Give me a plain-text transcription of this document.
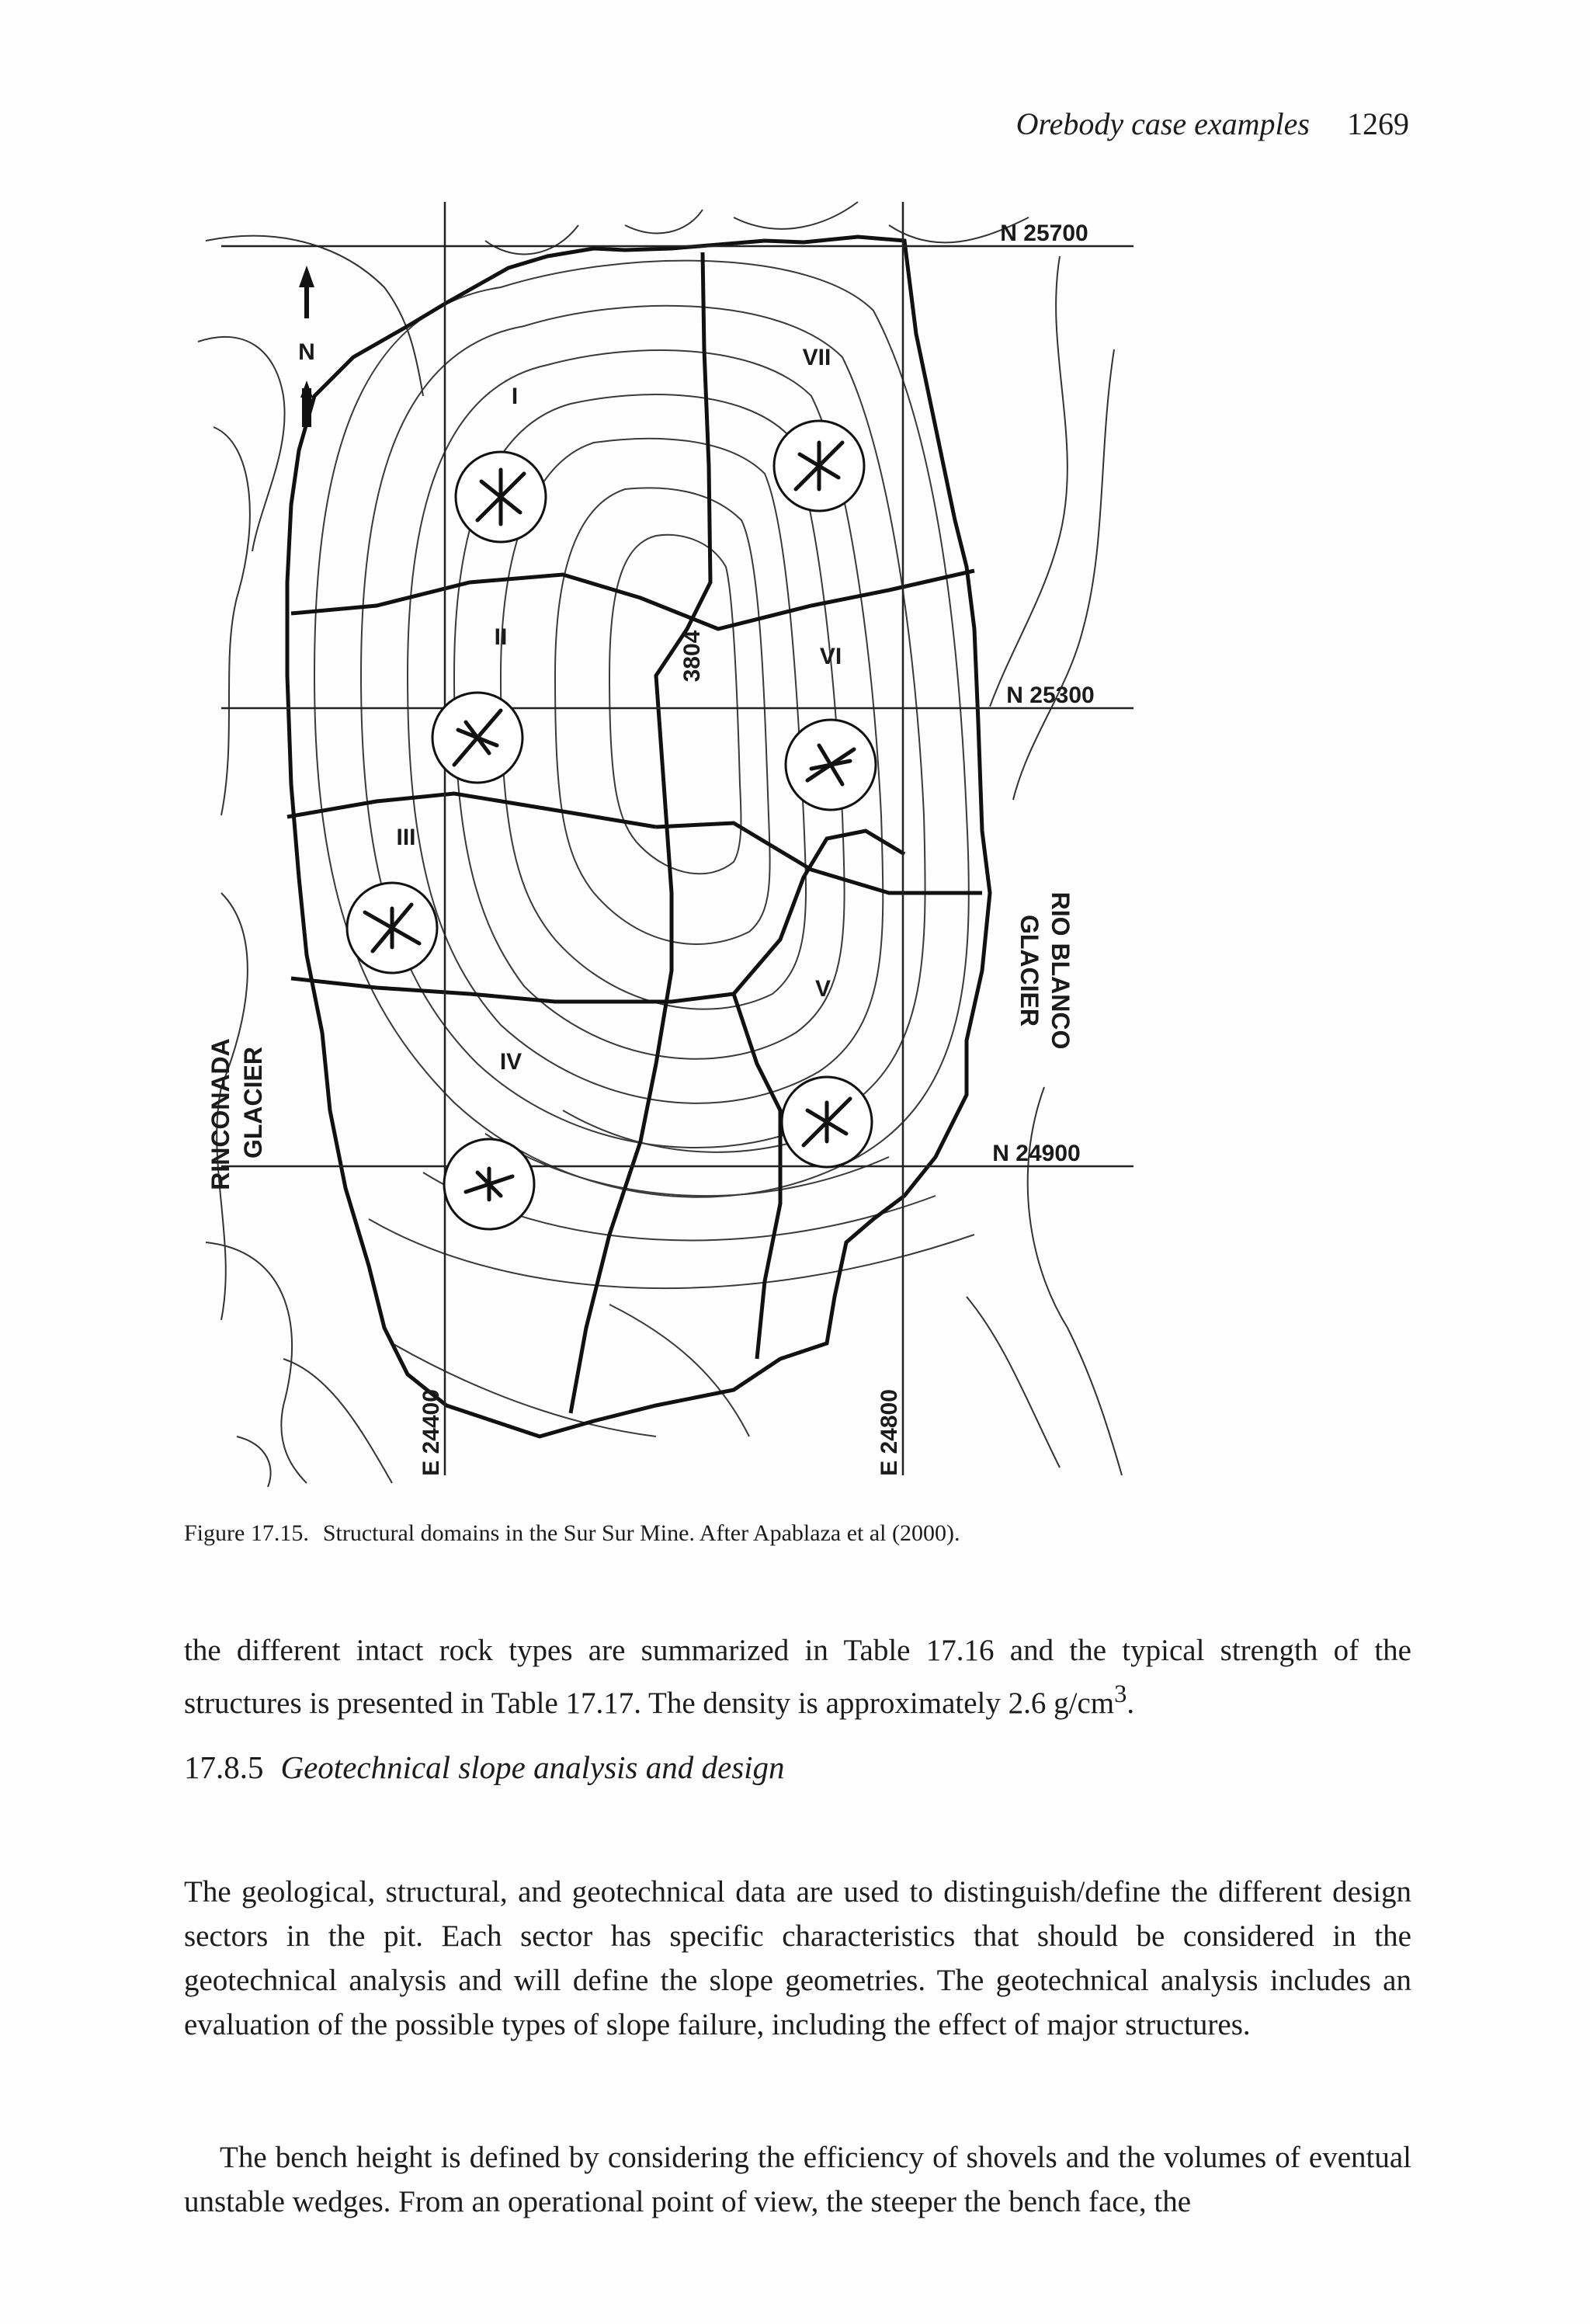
Orebody case examples 1269
N
I
II
III
IV
V
VI
VII
N 25700
N 25300
N 24900
E 24400	E 24800
3804
RINCONADA GLACIER
RIO BLANCO
GLACIER
Figure 17.15. Structural domains in the Sur Sur Mine. After Apablaza et al (2000).

the different intact rock types are summarized in Table 17.16 and the typical strength of the structures is presented in Table 17.17. The density is approximately 2.6 $g/cm^3$.

17.8.5 Geotechnical slope analysis and design

The geological, structural, and geotechnical data are used to distinguish/define the different design sectors in the pit. Each sector has specific characteristics that should be considered in the geotechnical analysis and will define the slope geometries. The geotechnical analysis includes an evaluation of the possible types of slope failure, including the effect of major structures.

The bench height is defined by considering the efficiency of shovels and the volumes of eventual unstable wedges. From an operational point of view, the steeper the bench face, the
